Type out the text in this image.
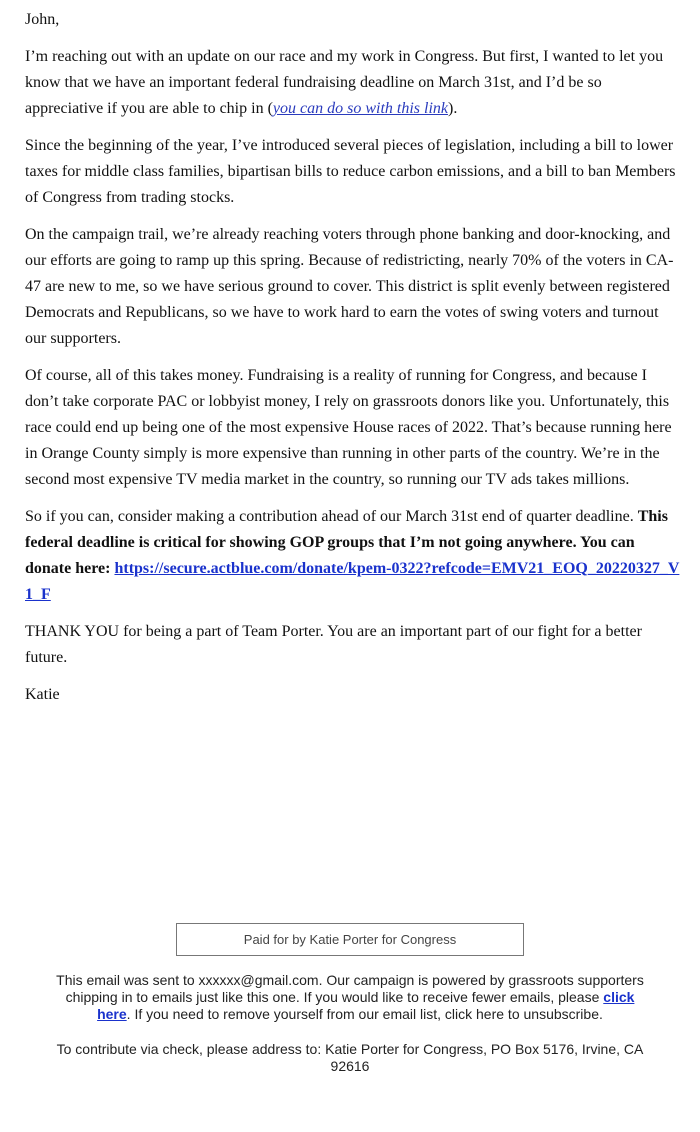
John,

I’m reaching out with an update on our race and my work in Congress. But first, I wanted to let you know that we have an important federal fundraising deadline on March 31st, and I’d be so appreciative if you are able to chip in (you can do so with this link).

Since the beginning of the year, I’ve introduced several pieces of legislation, including a bill to lower taxes for middle class families, bipartisan bills to reduce carbon emissions, and a bill to ban Members of Congress from trading stocks.

On the campaign trail, we’re already reaching voters through phone banking and door-knocking, and our efforts are going to ramp up this spring. Because of redistricting, nearly 70% of the voters in CA-47 are new to me, so we have serious ground to cover. This district is split evenly between registered Democrats and Republicans, so we have to work hard to earn the votes of swing voters and turnout our supporters.

Of course, all of this takes money. Fundraising is a reality of running for Congress, and because I don’t take corporate PAC or lobbyist money, I rely on grassroots donors like you. Unfortunately, this race could end up being one of the most expensive House races of 2022. That’s because running here in Orange County simply is more expensive than running in other parts of the country. We’re in the second most expensive TV media market in the country, so running our TV ads takes millions.

So if you can, consider making a contribution ahead of our March 31st end of quarter deadline. This federal deadline is critical for showing GOP groups that I’m not going anywhere. You can donate here: https://secure.actblue.com/donate/kpem-0322?refcode=EMV21_EOQ_20220327_V1_F

THANK YOU for being a part of Team Porter. You are an important part of our fight for a better future.

Katie

Paid for by Katie Porter for Congress
This email was sent to xxxxxx@gmail.com. Our campaign is powered by grassroots supporters chipping in to emails just like this one. If you would like to receive fewer emails, please click here. If you need to remove yourself from our email list, click here to unsubscribe.
To contribute via check, please address to: Katie Porter for Congress, PO Box 5176, Irvine, CA 92616
